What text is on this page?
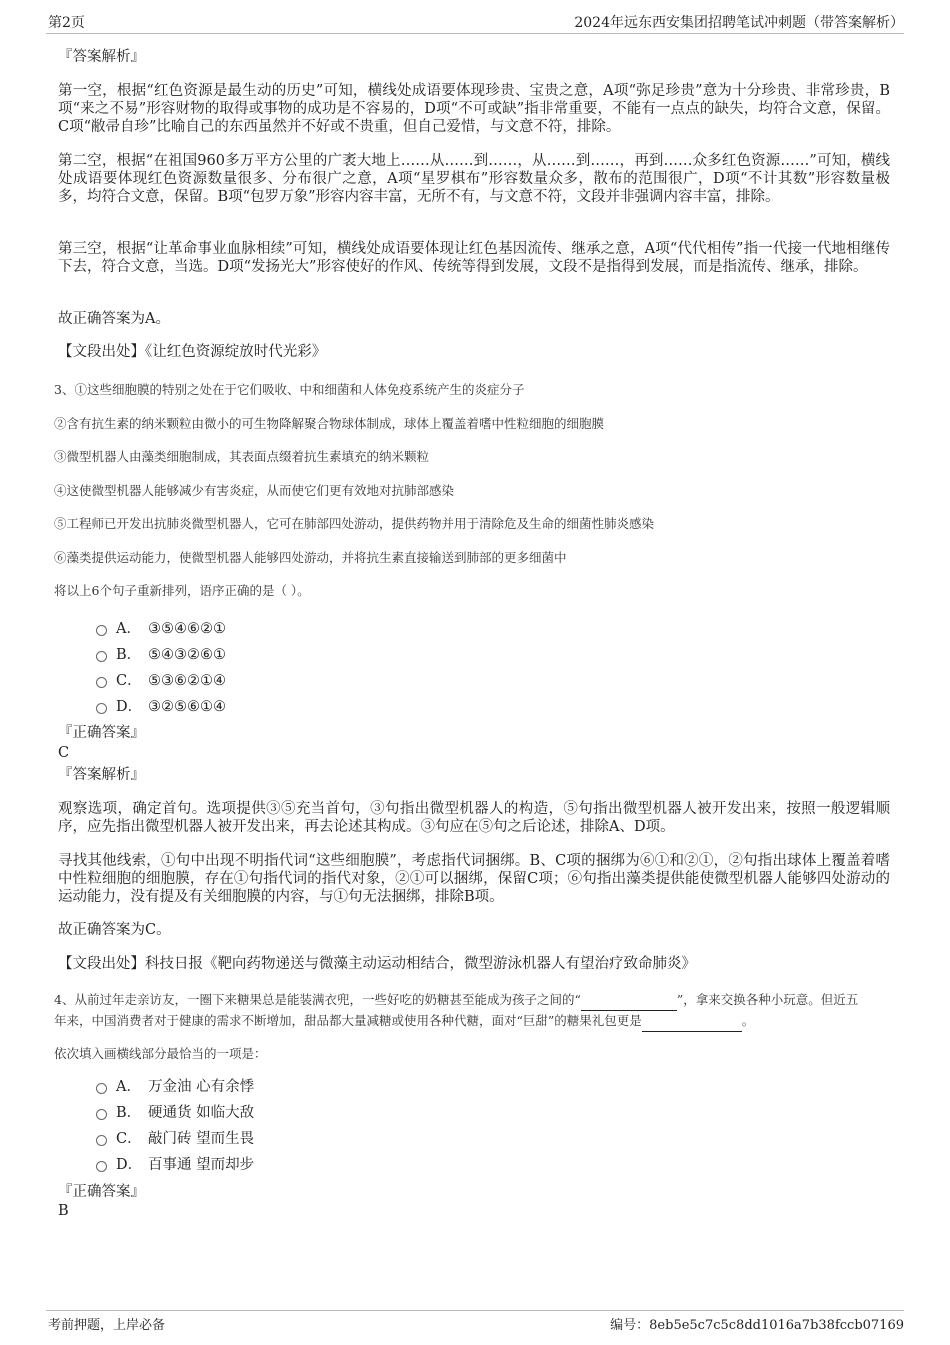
第2页	2024年远东西安集团招聘笔试冲刺题（带答案解析）
『答案解析』
第一空，根据“红色资源是最生动的历史”可知，横线处成语要体现珍贵、宝贵之意，A项“弥足珍贵”意为十分珍贵、非常珍贵，B项“来之不易”形容财物的取得或事物的成功是不容易的，D项“不可或缺”指非常重要，不能有一点点的缺失，均符合文意，保留。C项“敝帚自珍”比喻自己的东西虽然并不好或不贵重，但自己爱惜，与文意不符，排除。
第二空，根据“在祖国960多万平方公里的广袤大地上……从……到……，从……到……，再到……众多红色资源……”可知，横线处成语要体现红色资源数量很多、分布很广之意，A项“星罗棋布”形容数量众多，散布的范围很广，D项“不计其数”形容数量极多，均符合文意，保留。B项“包罗万象”形容内容丰富，无所不有，与文意不符，文段并非强调内容丰富，排除。
第三空，根据“让革命事业血脉相续”可知，横线处成语要体现让红色基因流传、继承之意，A项“代代相传”指一代接一代地相继传下去，符合文意，当选。D项“发扬光大”形容使好的作风、传统等得到发展，文段不是指得到发展，而是指流传、继承，排除。
故正确答案为A。
【文段出处】《让红色资源绽放时代光彩》
3、①这些细胞膜的特别之处在于它们吸收、中和细菌和人体免疫系统产生的炎症分子
②含有抗生素的纳米颗粒由微小的可生物降解聚合物球体制成，球体上覆盖着嗜中性粒细胞的细胞膜
③微型机器人由藻类细胞制成，其表面点缀着抗生素填充的纳米颗粒
④这使微型机器人能够减少有害炎症，从而使它们更有效地对抗肺部感染
⑤工程师已开发出抗肺炎微型机器人，它可在肺部四处游动，提供药物并用于清除危及生命的细菌性肺炎感染
⑥藻类提供运动能力，使微型机器人能够四处游动，并将抗生素直接输送到肺部的更多细菌中
将以上6个句子重新排列，语序正确的是（ ）。
A． ③⑤④⑥②①
B． ⑤④③②⑥①
C． ⑤③⑥②①④
D． ③②⑤⑥①④
『正确答案』
C
『答案解析』
观察选项，确定首句。选项提供③⑤充当首句，③句指出微型机器人的构造，⑤句指出微型机器人被开发出来，按照一般逻辑顺序，应先指出微型机器人被开发出来，再去论述其构成。③句应在⑤句之后论述，排除A、D项。
寻找其他线索，①句中出现不明指代词“这些细胞膜”，考虑指代词捆绑。B、C项的捆绑为⑥①和②①，②句指出球体上覆盖着嗜中性粒细胞的细胞膜，存在①句指代词的指代对象，②①可以捆绑，保留C项；⑥句指出藻类提供能使微型机器人能够四处游动的运动能力，没有提及有关细胞膜的内容，与①句无法捆绑，排除B项。
故正确答案为C。
【文段出处】科技日报《靶向药物递送与微藻主动运动相结合，微型游泳机器人有望治疗致命肺炎》
4、从前过年走亲访友，一圈下来糖果总是能装满衣兜，一些好吃的奶糖甚至能成为孩子之间的“	”，拿来交换各种小玩意。但近五
年来，中国消费者对于健康的需求不断增加，甜品都大量减糖或使用各种代糖，面对“巨甜”的糖果礼包更是	。
依次填入画横线部分最恰当的一项是：
A． 万金油 心有余悸
B． 硬通货 如临大敌
C． 敲门砖 望而生畏
D． 百事通 望而却步
『正确答案』
B
考前押题，上岸必备	编号：8eb5e5c7c5c8dd1016a7b38fccb07169
